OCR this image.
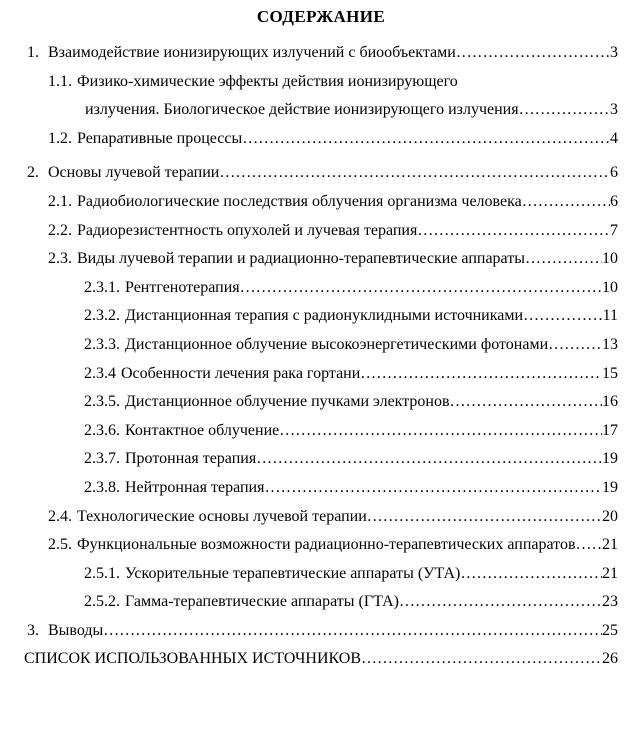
СОДЕРЖАНИЕ
1. Взаимодействие ионизирующих излучений с биообъектами …………………………………………………………………………………………………………………………………………	3
1.1. Физико-химические эффекты действия ионизирующего
излучения. Биологическое действие ионизирующего излучения …………………………………………………………………………………………………………………………………………	3
1.2. Репаративные процессы …………………………………………………………………………………………………………………………………………	4
2. Основы лучевой терапии …………………………………………………………………………………………………………………………………………	6
2.1. Радиобиологические последствия облучения организма человека …………………………………………………………………………………………………………………………………………	6
2.2. Радиорезистентность опухолей и лучевая терапия …………………………………………………………………………………………………………………………………………	7
2.3. Виды лучевой терапии и радиационно-терапевтические аппараты …………………………………………………………………………………………………………………………………………	10
2.3.1. Рентгенотерапия …………………………………………………………………………………………………………………………………………	10
2.3.2. Дистанционная терапия с радионуклидными источниками …………………………………………………………………………………………………………………………………………	11
2.3.3. Дистанционное облучение высокоэнергетическими фотонами …………………………………………………………………………………………………………………………………………	13
2.3.4 Особенности лечения рака гортани …………………………………………………………………………………………………………………………………………	15
2.3.5. Дистанционное облучение пучками электронов …………………………………………………………………………………………………………………………………………	16
2.3.6. Контактное облучение …………………………………………………………………………………………………………………………………………	17
2.3.7. Протонная терапия …………………………………………………………………………………………………………………………………………	19
2.3.8. Нейтронная терапия …………………………………………………………………………………………………………………………………………	19
2.4. Технологические основы лучевой терапии …………………………………………………………………………………………………………………………………………	20
2.5. Функциональные возможности радиационно-терапевтических аппаратов ………………………………………………………………………………………………………………………………………… 21
2.5.1. Ускорительные терапевтические аппараты (УТА) …………………………………………………………………………………………………………………………………………	21
2.5.2. Гамма-терапевтические аппараты (ГТА) …………………………………………………………………………………………………………………………………………	23
3. Выводы …………………………………………………………………………………………………………………………………………	25
СПИСОК ИСПОЛЬЗОВАННЫХ ИСТОЧНИКОВ …………………………………………………………………………………………………………………………………………	26
